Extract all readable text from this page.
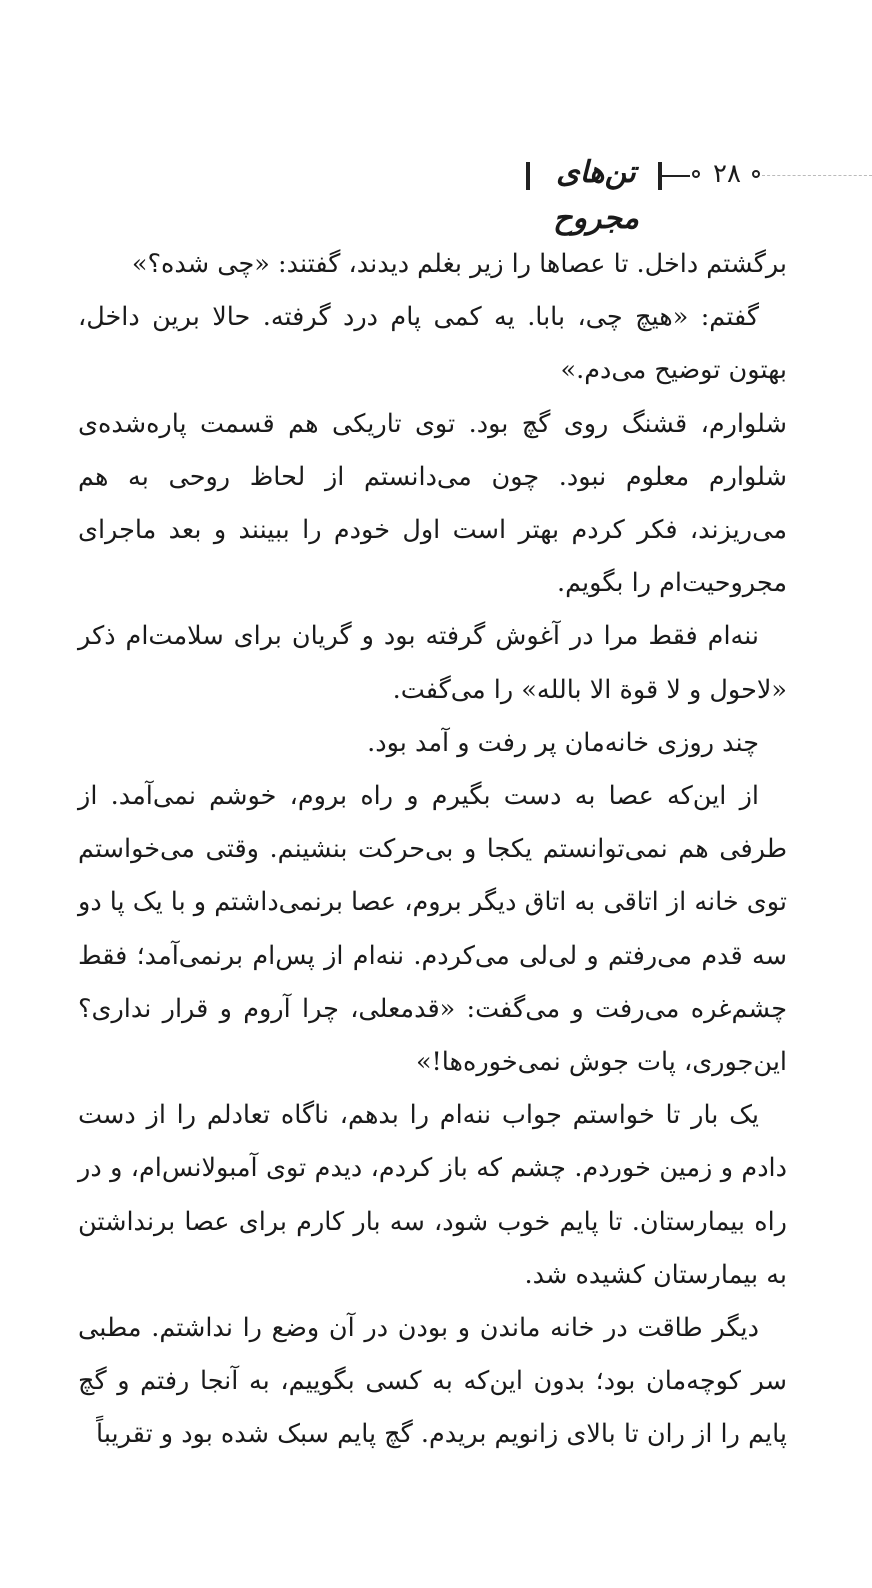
۲۸
تن‌های مجروح

برگشتم داخل. تا عصاها را زیر بغلم دیدند، گفتند: «چی شده؟»

گفتم: «هیچ چی، بابا. یه کمی پام درد گرفته. حالا برین داخل، بهتون توضیح می‌دم.»

شلوارم، قشنگ روی گچ بود. توی تاریکی هم قسمت پاره‌شده‌ی شلوارم معلوم نبود. چون می‌دانستم از لحاظ روحی به هم می‌ریزند، فکر کردم بهتر است اول خودم را ببینند و بعد ماجرای مجروحیت‌ام را بگویم.

ننه‌ام فقط مرا در آغوش گرفته بود و گریان برای سلامت‌ام ذکر «لاحول و لا قوة الا بالله» را می‌گفت.

چند روزی خانه‌مان پر رفت و آمد بود.

از این‌که عصا به دست بگیرم و راه بروم، خوشم نمی‌آمد. از طرفی هم نمی‌توانستم یکجا و بی‌حرکت بنشینم. وقتی می‌خواستم توی خانه از اتاقی به اتاق دیگر بروم، عصا برنمی‌داشتم و با یک پا دو سه قدم می‌رفتم و لی‌لی می‌کردم. ننه‌ام از پس‌ام برنمی‌آمد؛ فقط چشم‌غره می‌رفت و می‌گفت: «قدمعلی، چرا آروم و قرار نداری؟ این‌جوری، پات جوش نمی‌خوره‌ها!»

یک بار تا خواستم جواب ننه‌ام را بدهم، ناگاه تعادلم را از دست دادم و زمین خوردم. چشم که باز کردم، دیدم توی آمبولانس‌ام، و در راه بیمارستان. تا پایم خوب شود، سه بار کارم برای عصا برنداشتن به بیمارستان کشیده شد.

دیگر طاقت در خانه ماندن و بودن در آن وضع را نداشتم. مطبی سر کوچه‌مان بود؛ بدون این‌که به کسی بگوییم، به آنجا رفتم و گچ پایم را از ران تا بالای زانویم بریدم. گچ پایم سبک شده بود و تقریباً
